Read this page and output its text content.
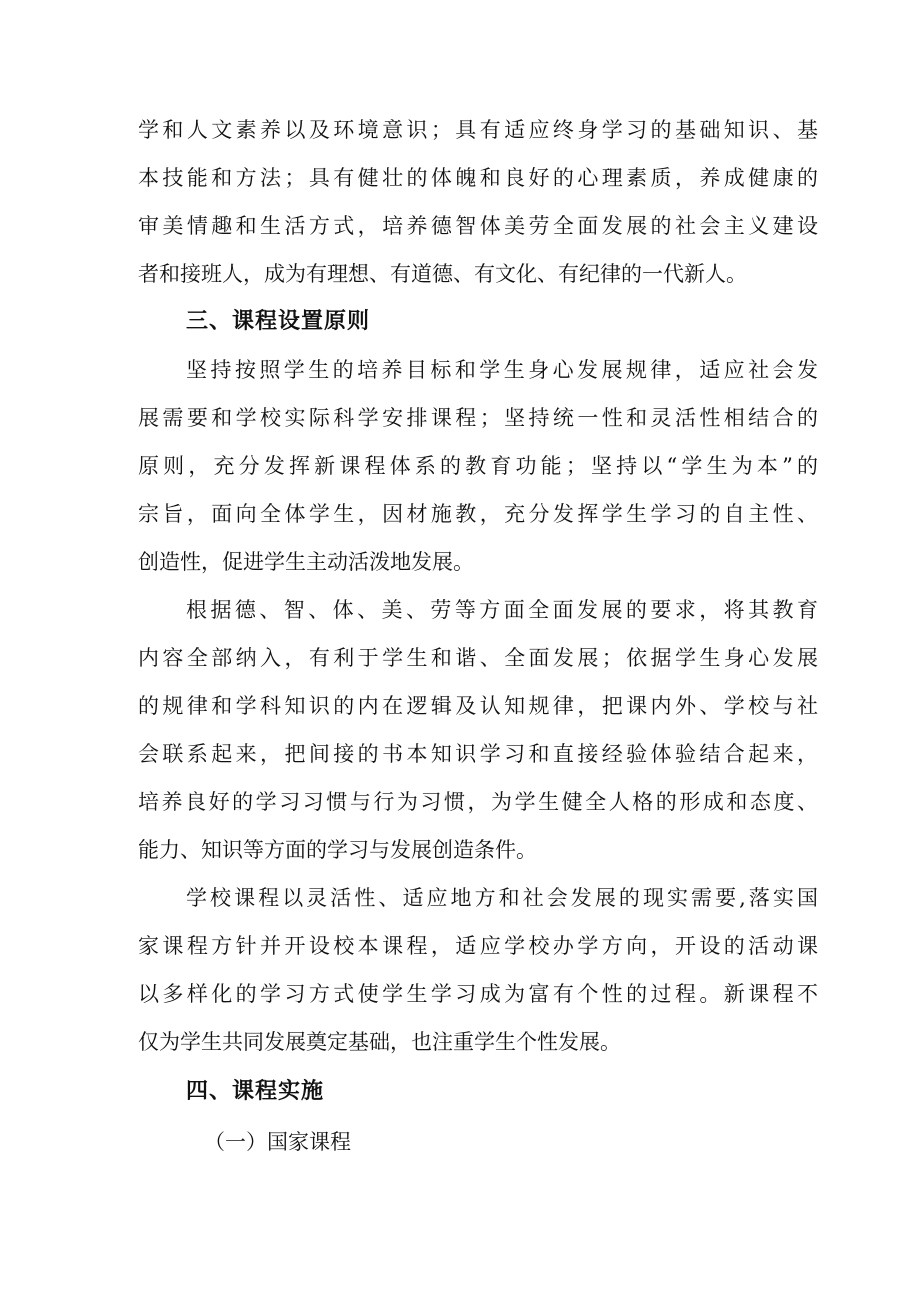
学和人文素养以及环境意识；具有适应终身学习的基础知识、基
本技能和方法；具有健壮的体魄和良好的心理素质，养成健康的
审美情趣和生活方式，培养德智体美劳全面发展的社会主义建设
者和接班人，成为有理想、有道德、有文化、有纪律的一代新人。
三、课程设置原则
坚持按照学生的培养目标和学生身心发展规律，适应社会发
展需要和学校实际科学安排课程；坚持统一性和灵活性相结合的
原则，充分发挥新课程体系的教育功能；坚持以“学生为本”的
宗旨，面向全体学生，因材施教，充分发挥学生学习的自主性、
创造性，促进学生主动活泼地发展。
根据德、智、体、美、劳等方面全面发展的要求，将其教育
内容全部纳入，有利于学生和谐、全面发展；依据学生身心发展
的规律和学科知识的内在逻辑及认知规律，把课内外、学校与社
会联系起来，把间接的书本知识学习和直接经验体验结合起来，
培养良好的学习习惯与行为习惯，为学生健全人格的形成和态度、
能力、知识等方面的学习与发展创造条件。
学校课程以灵活性、适应地方和社会发展的现实需要,落实国
家课程方针并开设校本课程，适应学校办学方向，开设的活动课
以多样化的学习方式使学生学习成为富有个性的过程。新课程不
仅为学生共同发展奠定基础，也注重学生个性发展。
四、课程实施
（一）国家课程
